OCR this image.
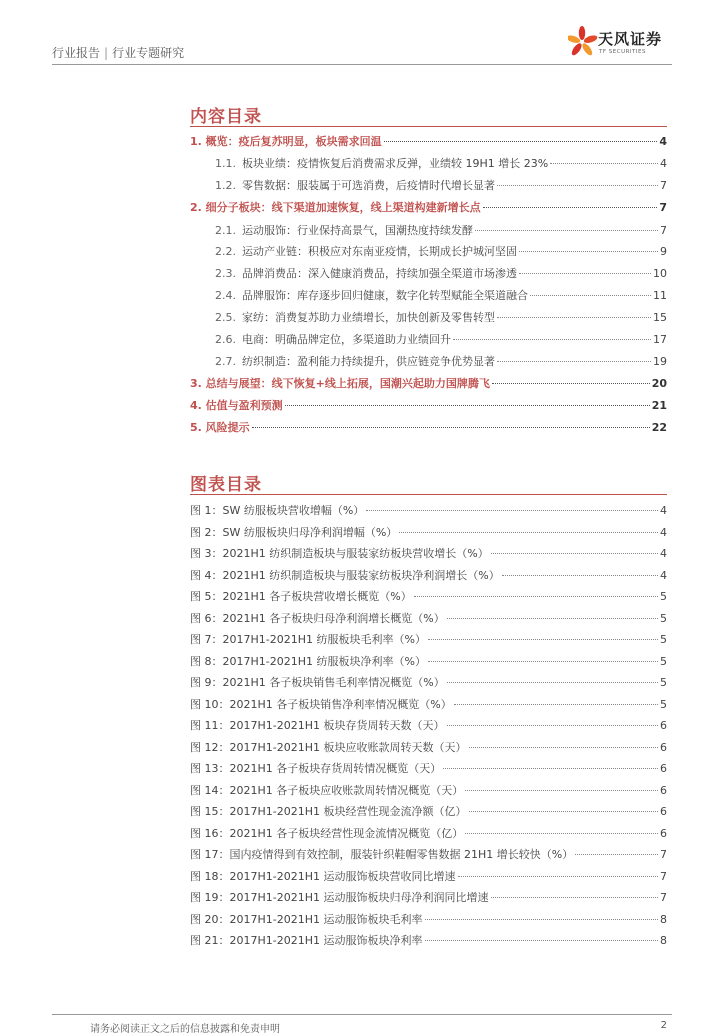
行业报告 | 行业专题研究
天风证券
TF SECURITIES
内容目录
1. 概览：疫后复苏明显，板块需求回温	4
1.1. 板块业绩：疫情恢复后消费需求反弹，业绩较 19H1 增长 23%	4
1.2. 零售数据：服装属于可选消费，后疫情时代增长显著	7
2. 细分子板块：线下渠道加速恢复，线上渠道构建新增长点	7
2.1. 运动服饰：行业保持高景气，国潮热度持续发酵	7
2.2. 运动产业链：积极应对东南亚疫情，长期成长护城河坚固	9
2.3. 品牌消费品：深入健康消费品，持续加强全渠道市场渗透	10
2.4. 品牌服饰：库存逐步回归健康，数字化转型赋能全渠道融合	11
2.5. 家纺：消费复苏助力业绩增长，加快创新及零售转型	15
2.6. 电商：明确品牌定位，多渠道助力业绩回升	17
2.7. 纺织制造：盈利能力持续提升，供应链竞争优势显著	19
3. 总结与展望：线下恢复+线上拓展，国潮兴起助力国牌腾飞	20
4. 估值与盈利预测	21
5. 风险提示	22
图表目录
图 1：SW 纺服板块营收增幅（%）	4
图 2：SW 纺服板块归母净利润增幅（%）	4
图 3：2021H1 纺织制造板块与服装家纺板块营收增长（%）	4
图 4：2021H1 纺织制造板块与服装家纺板块净利润增长（%）	4
图 5：2021H1 各子板块营收增长概览（%）	5
图 6：2021H1 各子板块归母净利润增长概览（%）	5
图 7：2017H1-2021H1 纺服板块毛利率（%）	5
图 8：2017H1-2021H1 纺服板块净利率（%）	5
图 9：2021H1 各子板块销售毛利率情况概览（%）	5
图 10：2021H1 各子板块销售净利率情况概览（%）	5
图 11：2017H1-2021H1 板块存货周转天数（天）	6
图 12：2017H1-2021H1 板块应收账款周转天数（天）	6
图 13：2021H1 各子板块存货周转情况概览（天）	6
图 14：2021H1 各子板块应收账款周转情况概览（天）	6
图 15：2017H1-2021H1 板块经营性现金流净额（亿）	6
图 16：2021H1 各子板块经营性现金流情况概览（亿）	6
图 17：国内疫情得到有效控制，服装针织鞋帽零售数据 21H1 增长较快（%）	7
图 18：2017H1-2021H1 运动服饰板块营收同比增速	7
图 19：2017H1-2021H1 运动服饰板块归母净利润同比增速	7
图 20：2017H1-2021H1 运动服饰板块毛利率	8
图 21：2017H1-2021H1 运动服饰板块净利率	8
请务必阅读正文之后的信息披露和免责申明	2
